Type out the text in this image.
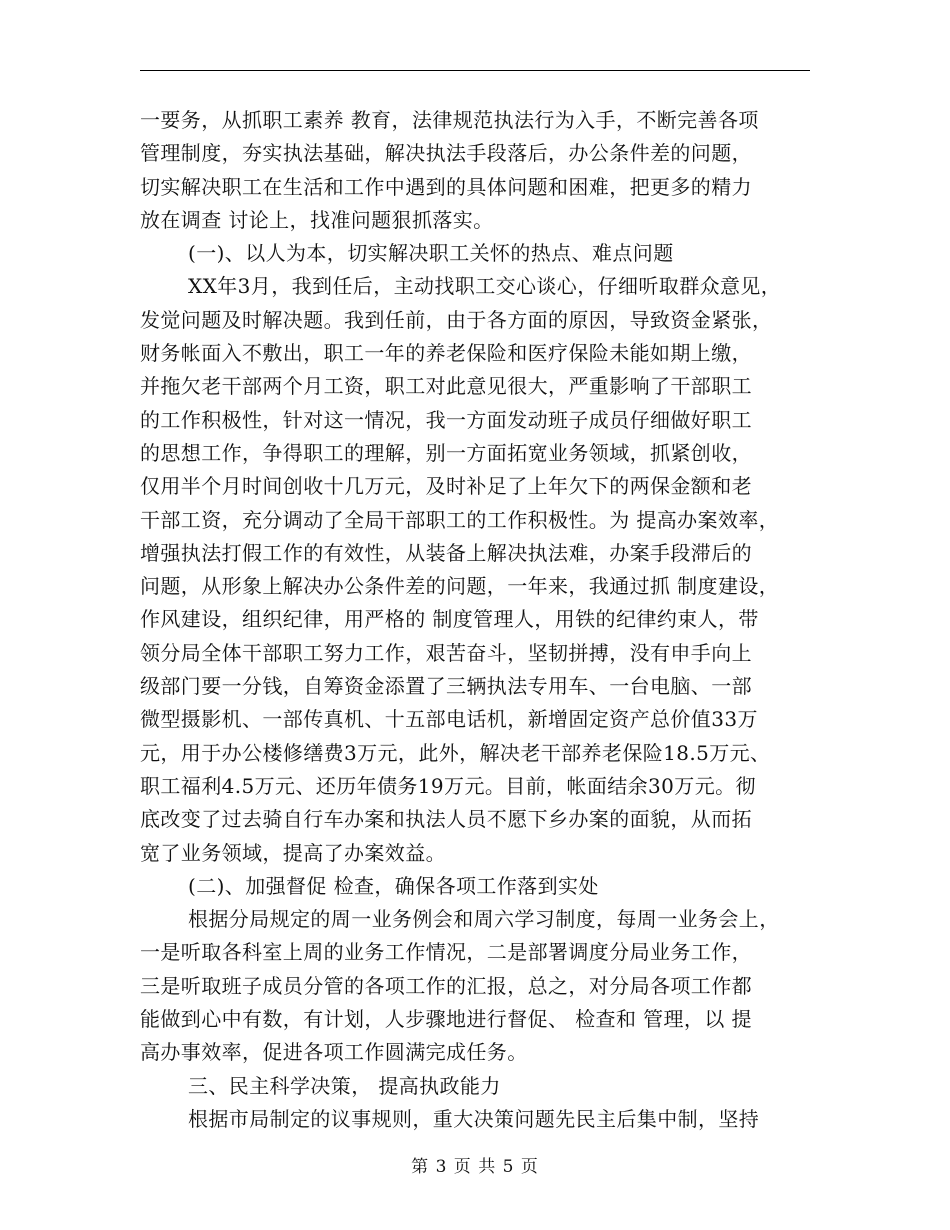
一要务，从抓职工素养 教育，法律规范执法行为入手，不断完善各项
管理制度，夯实执法基础，解决执法手段落后，办公条件差的问题，
切实解决职工在生活和工作中遇到的具体问题和困难，把更多的精力
放在调查 讨论上，找准问题狠抓落实。
(一)、以人为本，切实解决职工关怀的热点、难点问题
XX年3月，我到任后，主动找职工交心谈心，仔细听取群众意见，
发觉问题及时解决题。我到任前，由于各方面的原因，导致资金紧张，
财务帐面入不敷出，职工一年的养老保险和医疗保险未能如期上缴，
并拖欠老干部两个月工资，职工对此意见很大，严重影响了干部职工
的工作积极性，针对这一情况，我一方面发动班子成员仔细做好职工
的思想工作，争得职工的理解，别一方面拓宽业务领域，抓紧创收，
仅用半个月时间创收十几万元，及时补足了上年欠下的两保金额和老
干部工资，充分调动了全局干部职工的工作积极性。为 提高办案效率，
增强执法打假工作的有效性，从装备上解决执法难，办案手段滞后的
问题，从形象上解决办公条件差的问题，一年来，我通过抓 制度建设，
作风建设，组织纪律，用严格的 制度管理人，用铁的纪律约束人，带
领分局全体干部职工努力工作，艰苦奋斗，坚韧拼搏，没有申手向上
级部门要一分钱，自筹资金添置了三辆执法专用车、一台电脑、一部
微型摄影机、一部传真机、十五部电话机，新增固定资产总价值33万
元，用于办公楼修缮费3万元，此外，解决老干部养老保险18.5万元、
职工福利4.5万元、还历年债务19万元。目前，帐面结余30万元。彻
底改变了过去骑自行车办案和执法人员不愿下乡办案的面貌，从而拓
宽了业务领域，提高了办案效益。
(二)、加强督促 检查，确保各项工作落到实处
根据分局规定的周一业务例会和周六学习制度，每周一业务会上，
一是听取各科室上周的业务工作情况，二是部署调度分局业务工作，
三是听取班子成员分管的各项工作的汇报，总之，对分局各项工作都
能做到心中有数，有计划，人步骤地进行督促、 检查和 管理，以 提
高办事效率，促进各项工作圆满完成任务。
三、民主科学决策， 提高执政能力
根据市局制定的议事规则，重大决策问题先民主后集中制，坚持
第 3 页 共 5 页
